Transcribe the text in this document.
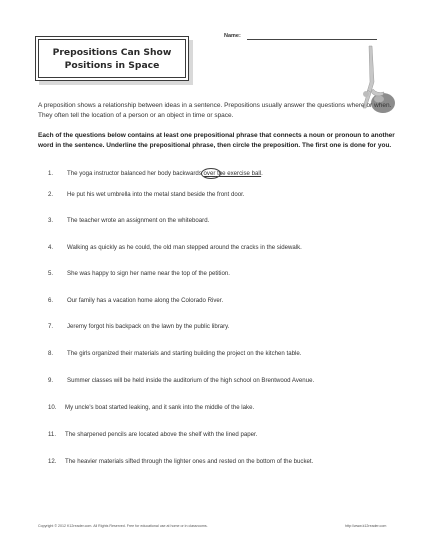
Name:
Prepositions Can Show
Positions in Space
A preposition shows a relationship between ideas in a sentence. Prepositions usually answer the questions where or when. They often tell the location of a person or an object in time or space.
Each of the questions below contains at least one prepositional phrase that connects a noun or pronoun to another word in the sentence. Underline the prepositional phrase, then circle the preposition. The first one is done for you.
1. The yoga instructor balanced her body backwards
over the exercise ball.
2. He put his wet umbrella into the metal stand beside the front door.
3. The teacher wrote an assignment on the whiteboard.
4. Walking as quickly as he could, the old man stepped around the cracks in the sidewalk.
5. She was happy to sign her name near the top of the petition.
6. Our family has a vacation home along the Colorado River.
7. Jeremy forgot his backpack on the lawn by the public library.
8. The girls organized their materials and starting building the project on the kitchen table.
9. Summer classes will be held inside the auditorium of the high school on Brentwood Avenue.
10. My uncle's boat started leaking, and it sank into the middle of the lake.
11. The sharpened pencils are located above the shelf with the lined paper.
12. The heavier materials sifted through the lighter ones and rested on the bottom of the bucket.
Copyright © 2012 K12reader.com. All Rights Reserved. Free for educational use at home or in classrooms.	http://www.k12reader.com
